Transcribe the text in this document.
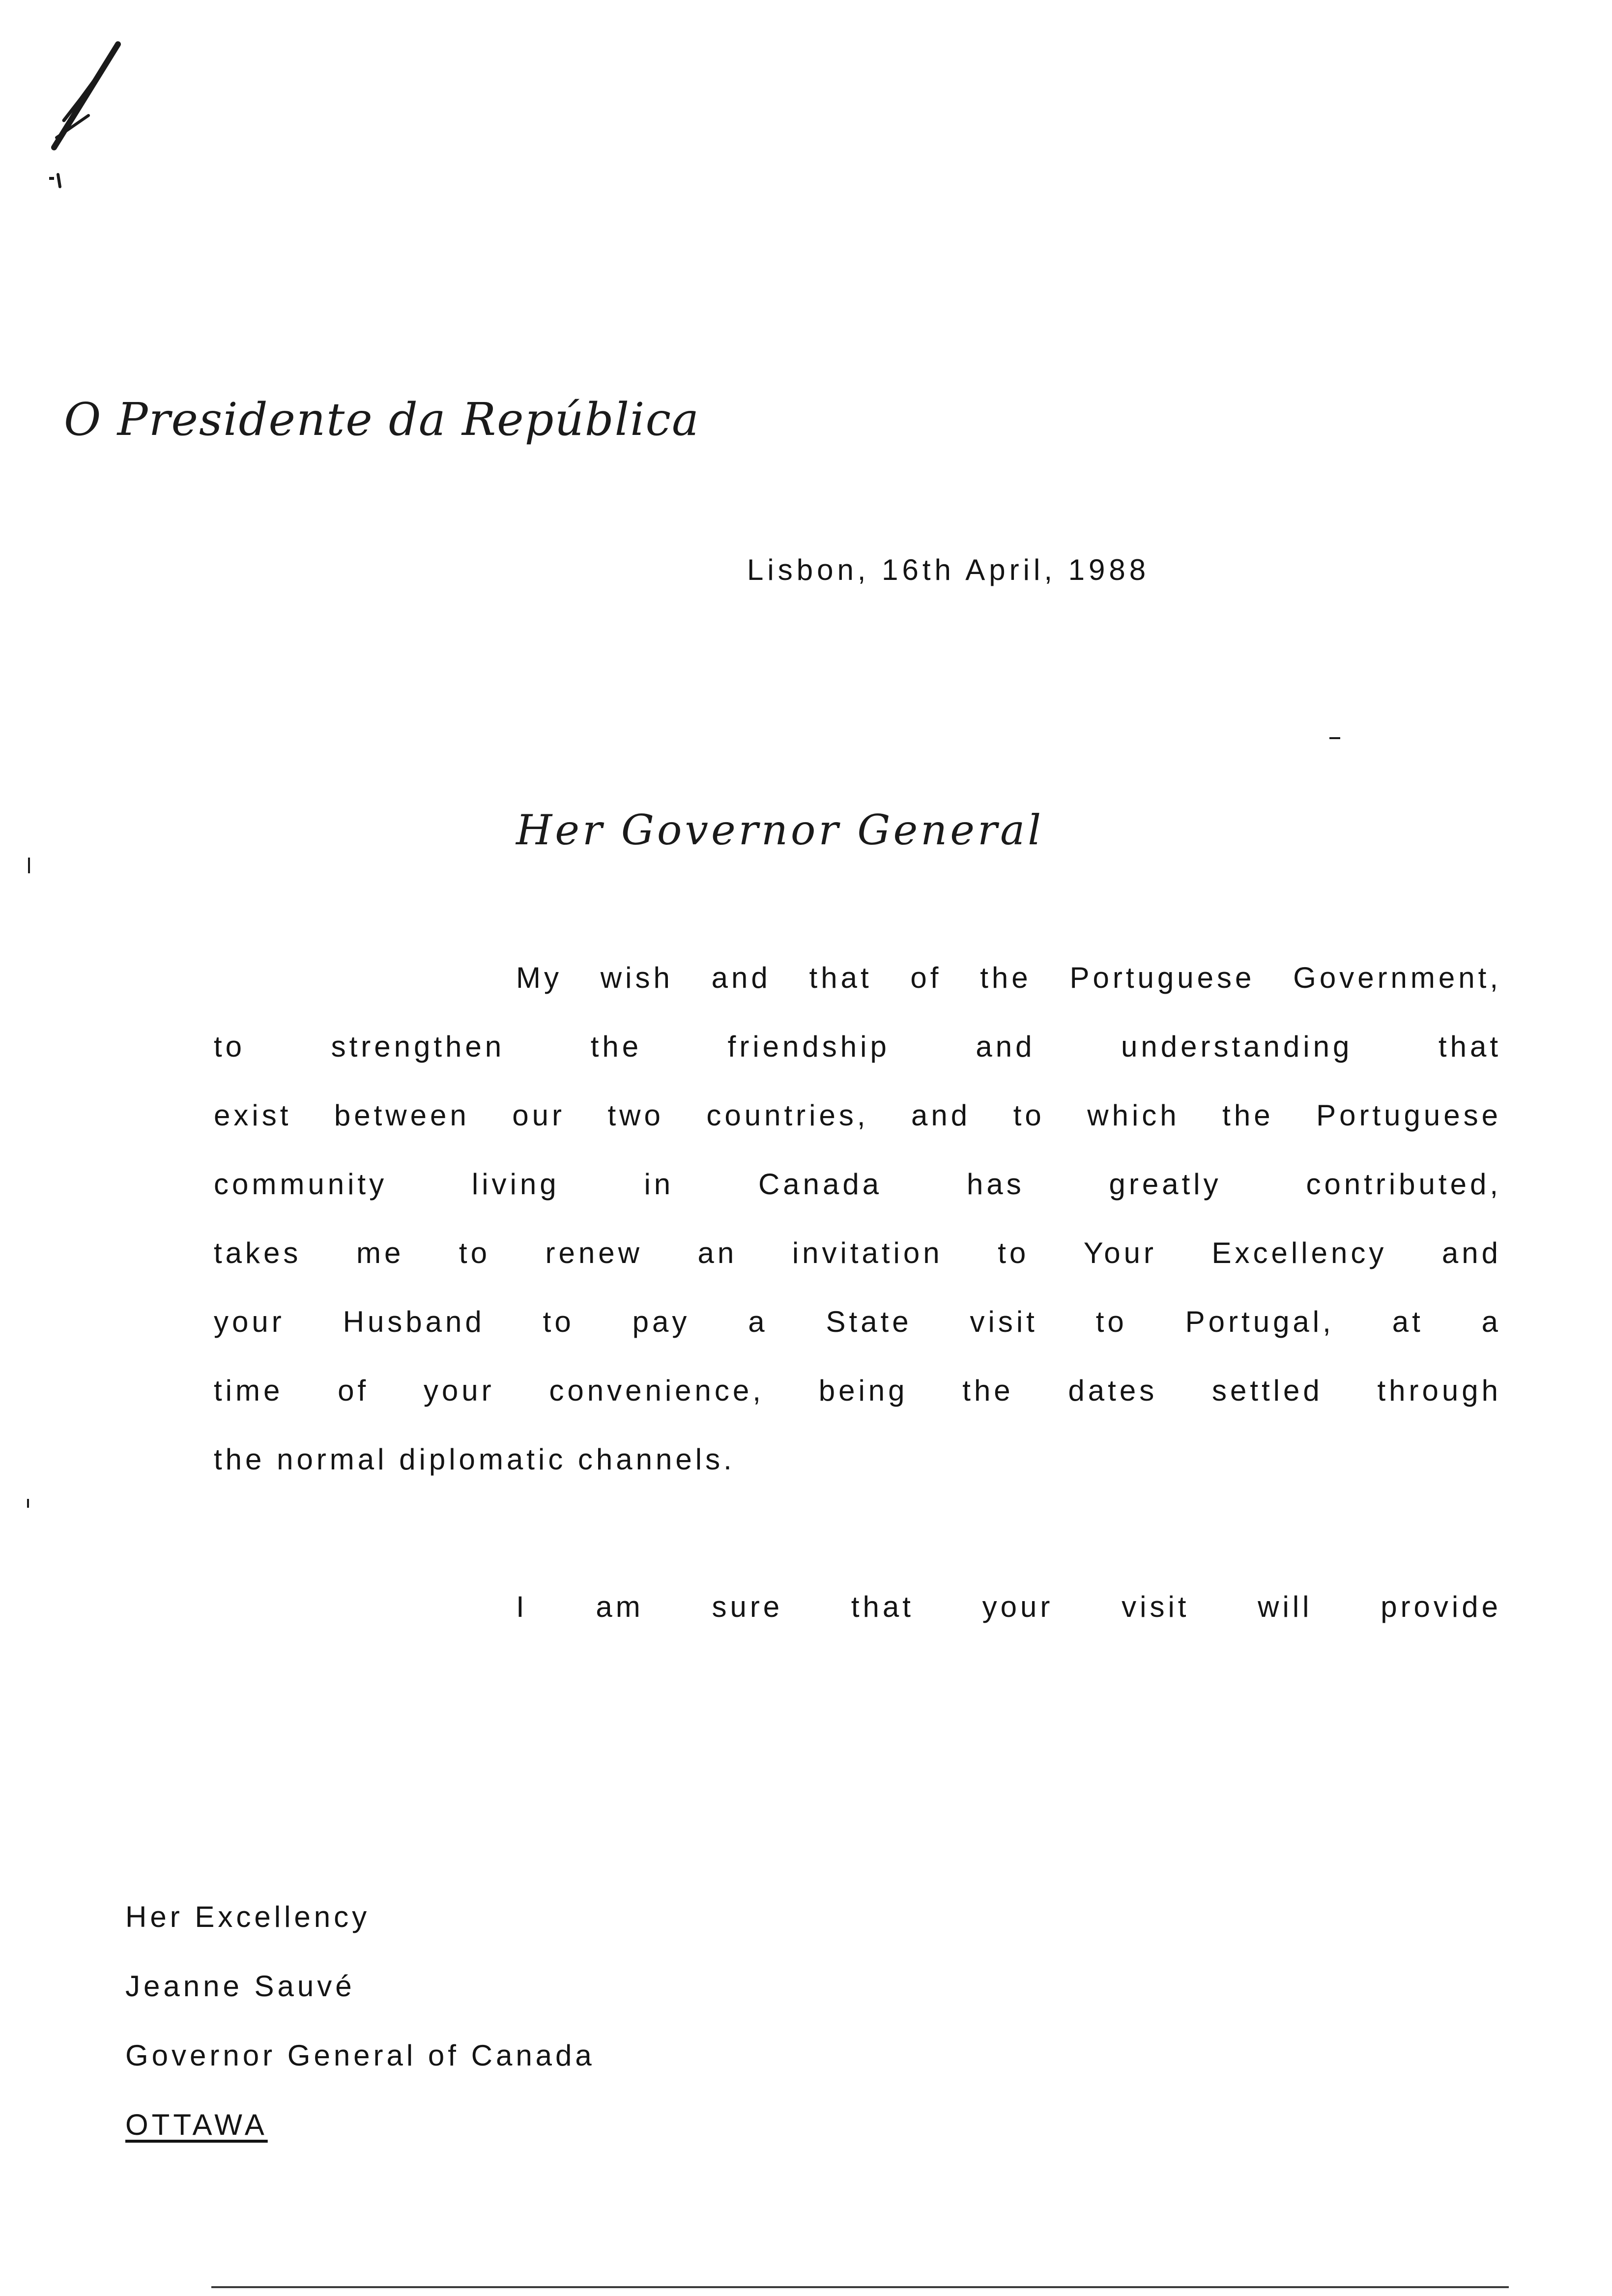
O Presidente da República
Lisbon, 16th April, 1988
Her Governor General
My wish and that of the Portuguese Government,
to strengthen the friendship and understanding that
exist between our two countries, and to which the Portuguese
community living in Canada has greatly contributed,
takes me to renew an invitation to Your Excellency and
your Husband to pay a State visit to Portugal, at a
time of your convenience, being the dates settled through
the normal diplomatic channels.
I am sure that your visit will provide
Her Excellency
Jeanne Sauvé
Governor General of Canada
OTTAWA
